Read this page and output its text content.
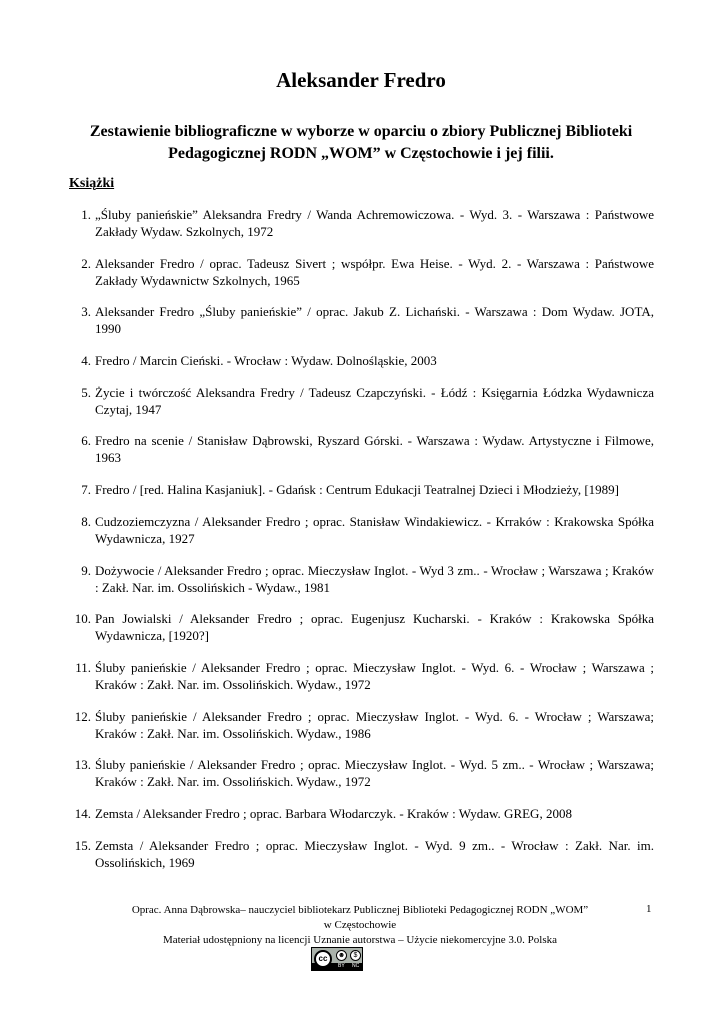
Aleksander Fredro

Zestawienie bibliograficzne w wyborze w oparciu o zbiory Publicznej Biblioteki Pedagogicznej RODN „WOM” w Częstochowie i jej filii.

Książki
1. „Śluby panieńskie” Aleksandra Fredry / Wanda Achremowiczowa. - Wyd. 3. - Warszawa : Państwowe Zakłady Wydaw. Szkolnych, 1972
2. Aleksander Fredro / oprac. Tadeusz Sivert ; współpr. Ewa Heise. - Wyd. 2. - Warszawa : Państwowe Zakłady Wydawnictw Szkolnych, 1965
3. Aleksander Fredro „Śluby panieńskie” / oprac. Jakub Z. Lichański. - Warszawa : Dom Wydaw. JOTA, 1990
4. Fredro / Marcin Cieński. - Wrocław : Wydaw. Dolnośląskie, 2003
5. Życie i twórczość Aleksandra Fredry / Tadeusz Czapczyński. - Łódź : Księgarnia Łódzka Wydawnicza Czytaj, 1947
6. Fredro na scenie / Stanisław Dąbrowski, Ryszard Górski. - Warszawa : Wydaw. Artystyczne i Filmowe, 1963
7. Fredro / [red. Halina Kasjaniuk]. - Gdańsk : Centrum Edukacji Teatralnej Dzieci i Młodzieży, [1989]
8. Cudzoziemczyzna / Aleksander Fredro ; oprac. Stanisław Windakiewicz. - Krraków : Krakowska Spółka Wydawnicza, 1927
9. Dożywocie / Aleksander Fredro ; oprac. Mieczysław Inglot. - Wyd 3 zm.. - Wrocław ; Warszawa ; Kraków : Zakł. Nar. im. Ossolińskich - Wydaw., 1981
10. Pan Jowialski / Aleksander Fredro ; oprac. Eugenjusz Kucharski. - Kraków : Krakowska Spółka Wydawnicza, [1920?]
11. Śluby panieńskie / Aleksander Fredro ; oprac. Mieczysław Inglot. - Wyd. 6. - Wrocław ; Warszawa ; Kraków : Zakł. Nar. im. Ossolińskich. Wydaw., 1972
12. Śluby panieńskie / Aleksander Fredro ; oprac. Mieczysław Inglot. - Wyd. 6. - Wrocław ; Warszawa; Kraków : Zakł. Nar. im. Ossolińskich. Wydaw., 1986
13. Śluby panieńskie / Aleksander Fredro ; oprac. Mieczysław Inglot. - Wyd. 5 zm.. - Wrocław ; Warszawa; Kraków : Zakł. Nar. im. Ossolińskich. Wydaw., 1972
14. Zemsta / Aleksander Fredro ; oprac. Barbara Włodarczyk. - Kraków : Wydaw. GREG, 2008
15. Zemsta / Aleksander Fredro ; oprac. Mieczysław Inglot. - Wyd. 9 zm.. - Wrocław : Zakł. Nar. im. Ossolińskich, 1969
Oprac. Anna Dąbrowska– nauczyciel bibliotekarz Publicznej Biblioteki Pedagogicznej RODN „WOM”
w Częstochowie
Materiał udostępniony na licencji Uznanie autorstwa – Użycie niekomercyjne 3.0. Polska
1
cc	☻	$
BY NC
